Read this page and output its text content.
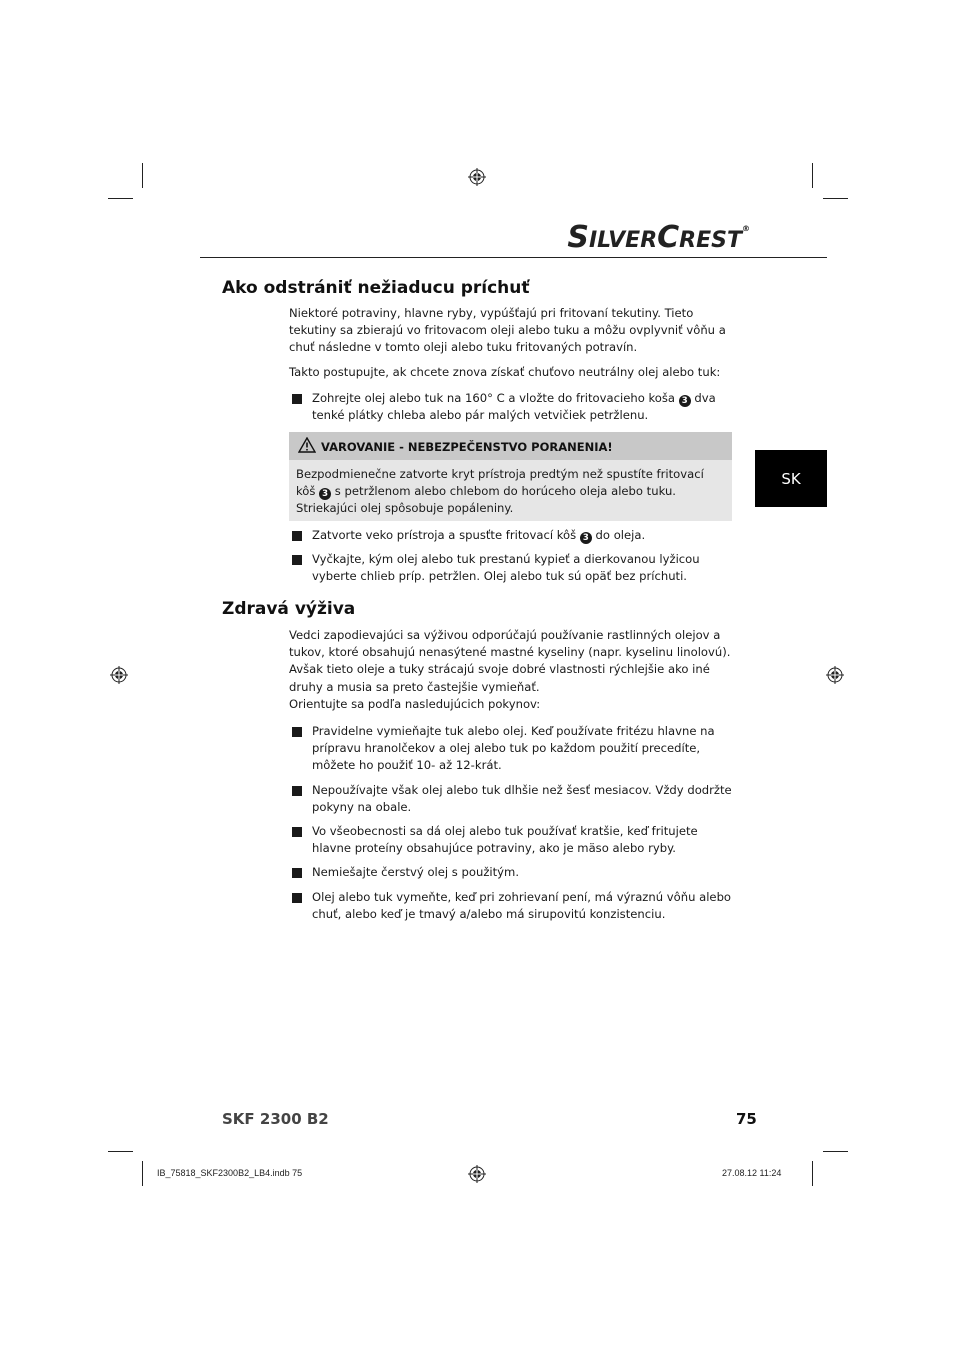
SILVERCREST®
SK
Ako odstrániť nežiaducu príchuť

Niektoré potraviny, hlavne ryby, vypúšťajú pri fritovaní tekutiny. Tieto tekutiny sa zbierajú vo fritovacom oleji alebo tuku a môžu ovplyvniť vôňu a chuť následne v tomto oleji alebo tuku fritovaných potravín.

Takto postupujte, ak chcete znova získať chuťovo neutrálny olej alebo tuk:

Zohrejte olej alebo tuk na 160° C a vložte do fritovacieho koša 3 dva tenké plátky chleba alebo pár malých vetvičiek petržlenu.

VAROVANIE - NEBEZPEČENSTVO PORANENIA!

Bezpodmienečne zatvorte kryt prístroja predtým než spustíte fritovací kôš 3 s petržlenom alebo chlebom do horúceho oleja alebo tuku. Striekajúci olej spôsobuje popáleniny.

Zatvorte veko prístroja a spusťte fritovací kôš 3 do oleja.

Vyčkajte, kým olej alebo tuk prestanú kypieť a dierkovanou lyžicou vyberte chlieb príp. petržlen. Olej alebo tuk sú opäť bez príchuti.

Zdravá výživa

Vedci zapodievajúci sa výživou odporúčajú používanie rastlinných olejov a tukov, ktoré obsahujú nenasýtené mastné kyseliny (napr. kyselinu linolovú). Avšak tieto oleje a tuky strácajú svoje dobré vlastnosti rýchlejšie ako iné druhy a musia sa preto častejšie vymieňať.

Orientujte sa podľa nasledujúcich pokynov:

Pravidelne vymieňajte tuk alebo olej. Keď používate fritézu hlavne na prípravu hranolčekov a olej alebo tuk po každom použití precedíte, môžete ho použiť 10- až 12-krát.

Nepoužívajte však olej alebo tuk dlhšie než šesť mesiacov. Vždy dodržte pokyny na obale.

Vo všeobecnosti sa dá olej alebo tuk používať kratšie, keď fritujete hlavne proteíny obsahujúce potraviny, ako je mäso alebo ryby.

Nemiešajte čerstvý olej s použitým.

Olej alebo tuk vymeňte, keď pri zohrievaní pení, má výraznú vôňu alebo chuť, alebo keď je tmavý a/alebo má sirupovitú konzistenciu.

SKF 2300 B2	75
IB_75818_SKF2300B2_LB4.indb 75	27.08.12 11:24
